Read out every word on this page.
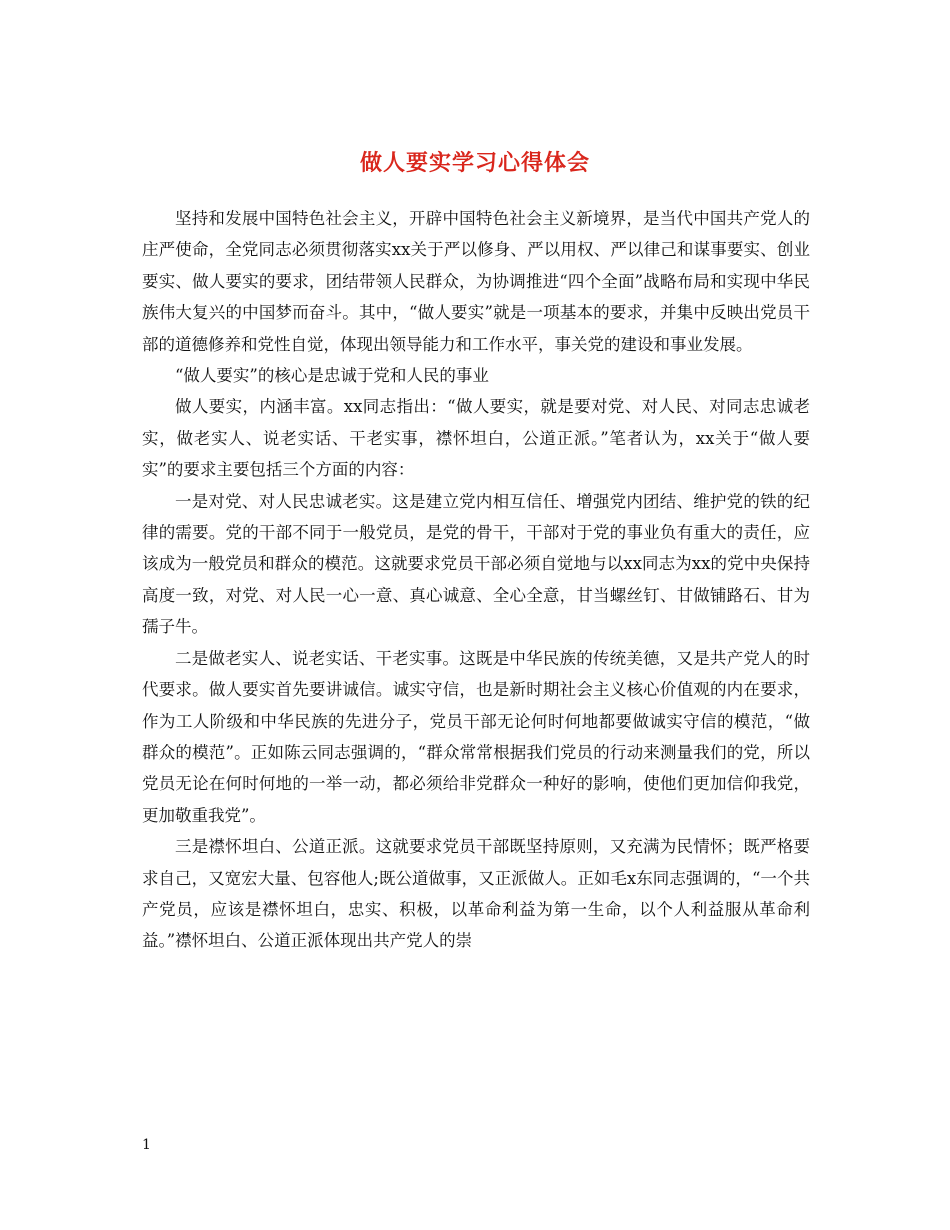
做人要实学习心得体会

坚持和发展中国特色社会主义，开辟中国特色社会主义新境界，是当代中国共产党人的庄严使命，全党同志必须贯彻落实xx关于严以修身、严以用权、严以律己和谋事要实、创业要实、做人要实的要求，团结带领人民群众，为协调推进“四个全面”战略布局和实现中华民族伟大复兴的中国梦而奋斗。其中，“做人要实”就是一项基本的要求，并集中反映出党员干部的道德修养和党性自觉，体现出领导能力和工作水平，事关党的建设和事业发展。

“做人要实”的核心是忠诚于党和人民的事业

做人要实，内涵丰富。xx同志指出：“做人要实，就是要对党、对人民、对同志忠诚老实，做老实人、说老实话、干老实事，襟怀坦白，公道正派。”笔者认为，xx关于“做人要实”的要求主要包括三个方面的内容：

一是对党、对人民忠诚老实。这是建立党内相互信任、增强党内团结、维护党的铁的纪律的需要。党的干部不同于一般党员，是党的骨干，干部对于党的事业负有重大的责任，应该成为一般党员和群众的模范。这就要求党员干部必须自觉地与以xx同志为xx的党中央保持高度一致，对党、对人民一心一意、真心诚意、全心全意，甘当螺丝钉、甘做铺路石、甘为孺子牛。

二是做老实人、说老实话、干老实事。这既是中华民族的传统美德，又是共产党人的时代要求。做人要实首先要讲诚信。诚实守信，也是新时期社会主义核心价值观的内在要求，作为工人阶级和中华民族的先进分子，党员干部无论何时何地都要做诚实守信的模范，“做群众的模范”。正如陈云同志强调的，“群众常常根据我们党员的行动来测量我们的党，所以党员无论在何时何地的一举一动，都必须给非党群众一种好的影响，使他们更加信仰我党，更加敬重我党”。

三是襟怀坦白、公道正派。这就要求党员干部既坚持原则，又充满为民情怀；既严格要求自己，又宽宏大量、包容他人;既公道做事，又正派做人。正如毛x东同志强调的，“一个共产党员，应该是襟怀坦白，忠实、积极，以革命利益为第一生命，以个人利益服从革命利益。”襟怀坦白、公道正派体现出共产党人的崇

1
